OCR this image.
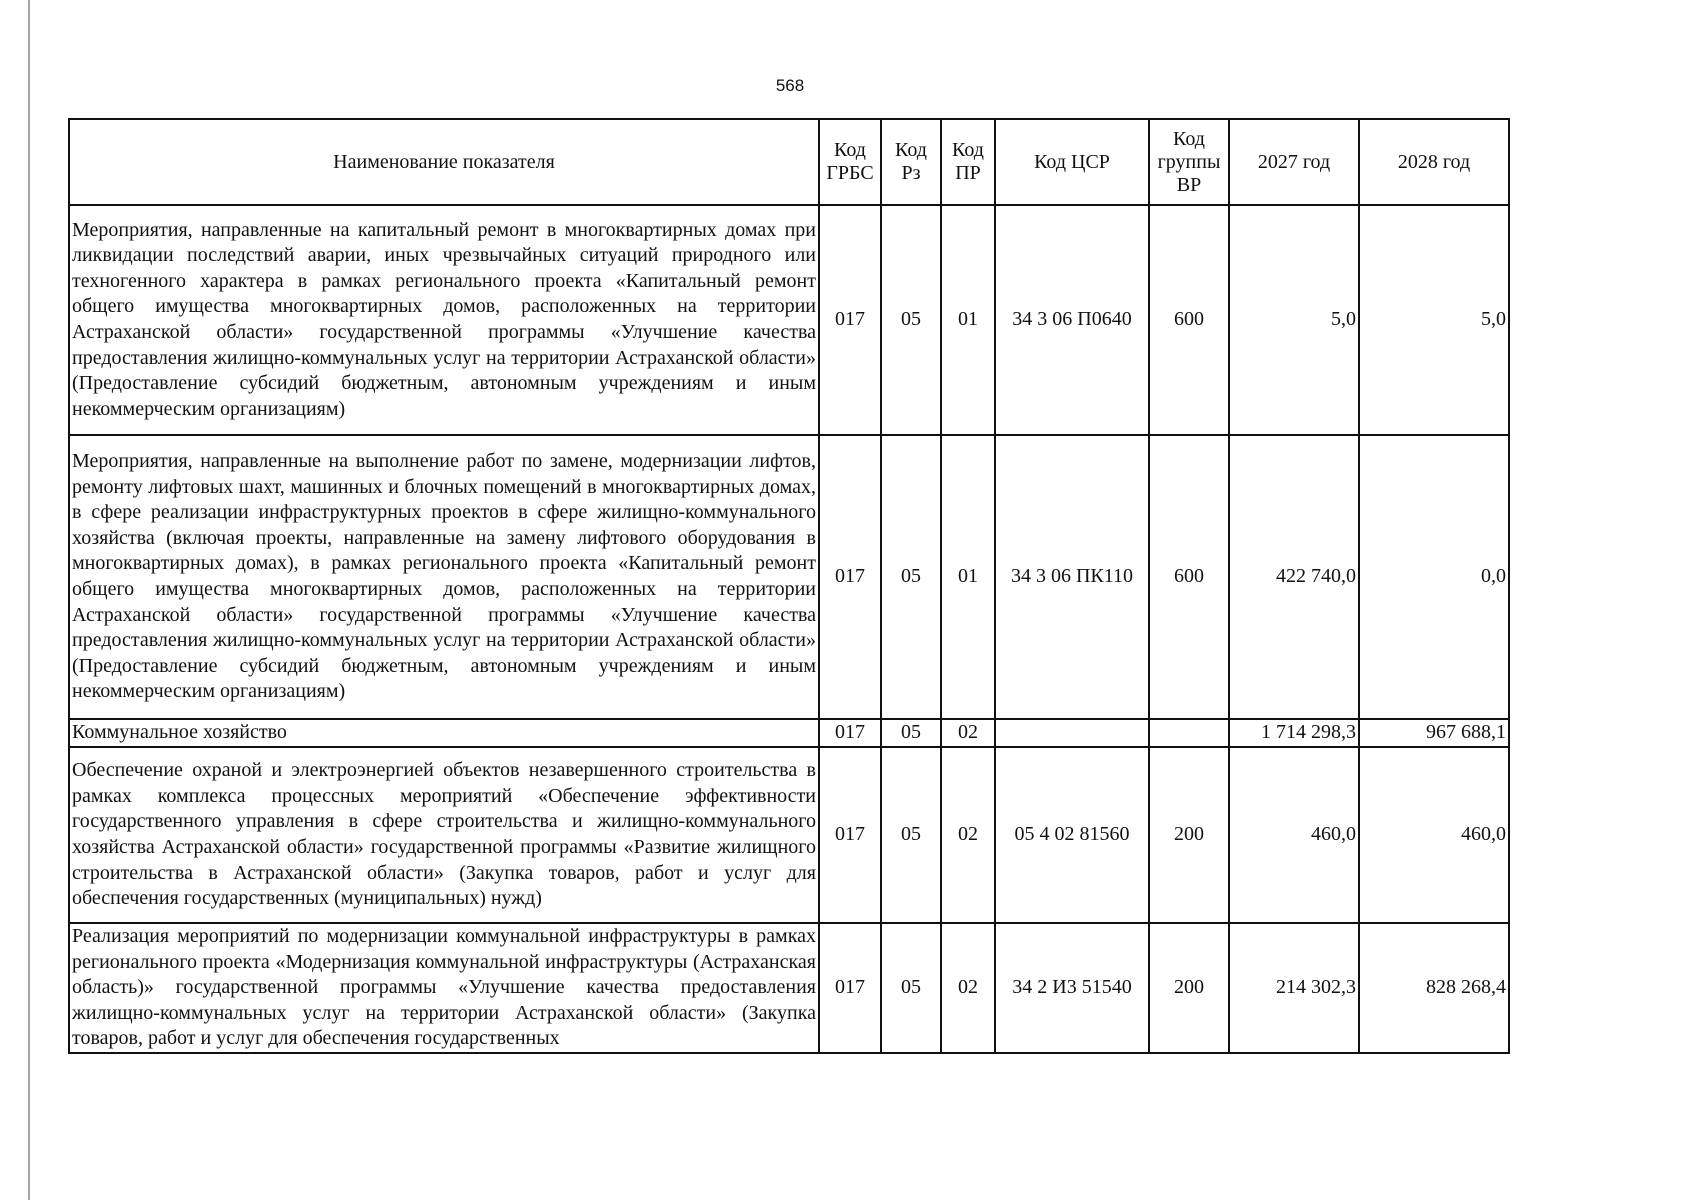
568
Наименование показателя	Код ГРБС	Код Рз	Код ПР	Код ЦСР	Код группы ВР	2027 год	2028 год
Мероприятия, направленные на капитальный ремонт в многоквартирных домах при ликвидации последствий аварии, иных чрезвычайных ситуаций природного или техногенного характера в рамках регионального проекта «Капитальный ремонт общего имущества многоквартирных домов, расположенных на территории Астраханской области» государственной программы «Улучшение качества предоставления жилищно-коммунальных услуг на территории Астраханской области» (Предоставление субсидий бюджетным, автономным учреждениям и иным некоммерческим организациям)	017	05	01	34 3 06 П0640	600	5,0	5,0
Мероприятия, направленные на выполнение работ по замене, модернизации лифтов, ремонту лифтовых шахт, машинных и блочных помещений в многоквартирных домах, в сфере реализации инфраструктурных проектов в сфере жилищно-коммунального хозяйства (включая проекты, направленные на замену лифтового оборудования в многоквартирных домах), в рамках регионального проекта «Капитальный ремонт общего имущества многоквартирных домов, расположенных на территории Астраханской области» государственной программы «Улучшение качества предоставления жилищно-коммунальных услуг на территории Астраханской области» (Предоставление субсидий бюджетным, автономным учреждениям и иным некоммерческим организациям)	017	05	01	34 3 06 ПК110	600	422 740,0	0,0
Коммунальное хозяйство	017	05	02			1 714 298,3	967 688,1
Обеспечение охраной и электроэнергией объектов незавершенного строительства в рамках комплекса процессных мероприятий «Обеспечение эффективности государственного управления в сфере строительства и жилищно-коммунального хозяйства Астраханской области» государственной программы «Развитие жилищного строительства в Астраханской области» (Закупка товаров, работ и услуг для обеспечения государственных (муниципальных) нужд)	017	05	02	05 4 02 81560	200	460,0	460,0
Реализация мероприятий по модернизации коммунальной инфраструктуры в рамках регионального проекта «Модернизация коммунальной инфраструктуры (Астраханская область)» государственной программы «Улучшение качества предоставления жилищно-коммунальных услуг на территории Астраханской области» (Закупка товаров, работ и услуг для обеспечения государственных	017	05	02	34 2 И3 51540	200	214 302,3	828 268,4
